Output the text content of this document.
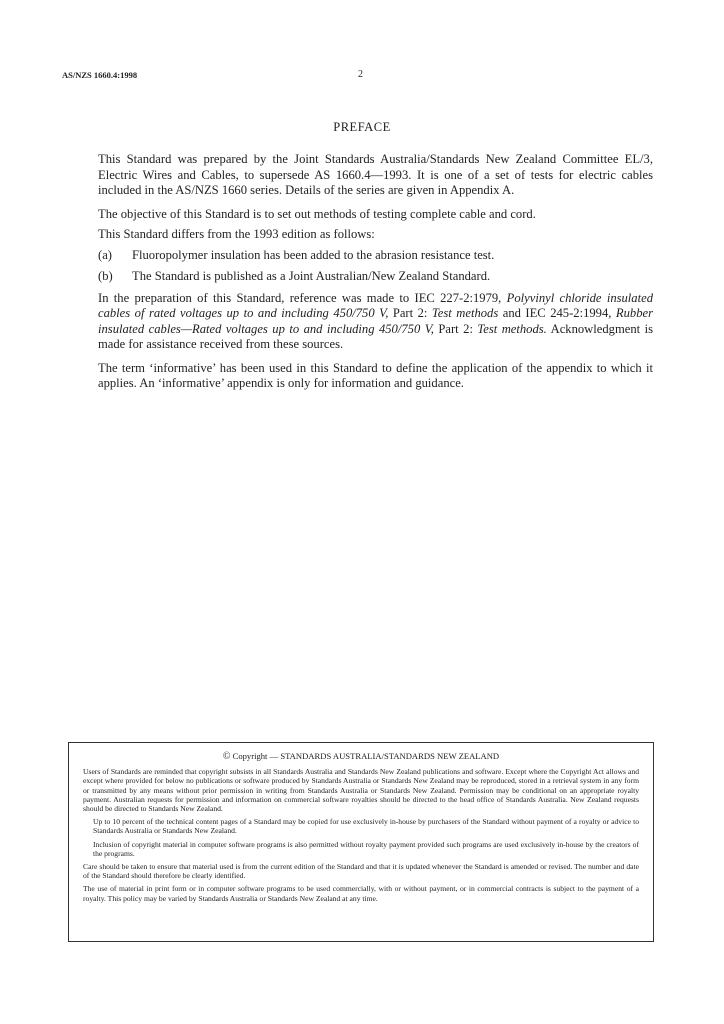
AS/NZS 1660.4:1998	2
PREFACE

This Standard was prepared by the Joint Standards Australia/Standards New Zealand Committee EL/3, Electric Wires and Cables, to supersede AS 1660.4—1993. It is one of a set of tests for electric cables included in the AS/NZS 1660 series. Details of the series are given in Appendix A.

The objective of this Standard is to set out methods of testing complete cable and cord.

This Standard differs from the 1993 edition as follows:

(a)	Fluoropolymer insulation has been added to the abrasion resistance test.
(b)	The Standard is published as a Joint Australian/New Zealand Standard.

In the preparation of this Standard, reference was made to IEC 227-2:1979, Polyvinyl chloride insulated cables of rated voltages up to and including 450/750 V, Part 2: Test methods and IEC 245-2:1994, Rubber insulated cables—Rated voltages up to and including 450/750 V, Part 2: Test methods. Acknowledgment is made for assistance received from these sources.

The term ‘informative’ has been used in this Standard to define the application of the appendix to which it applies. An ‘informative’ appendix is only for information and guidance.

© Copyright — STANDARDS AUSTRALIA/STANDARDS NEW ZEALAND

Users of Standards are reminded that copyright subsists in all Standards Australia and Standards New Zealand publications and software. Except where the Copyright Act allows and except where provided for below no publications or software produced by Standards Australia or Standards New Zealand may be reproduced, stored in a retrieval system in any form or transmitted by any means without prior permission in writing from Standards Australia or Standards New Zealand. Permission may be conditional on an appropriate royalty payment. Australian requests for permission and information on commercial software royalties should be directed to the head office of Standards Australia. New Zealand requests should be directed to Standards New Zealand.

Up to 10 percent of the technical content pages of a Standard may be copied for use exclusively in-house by purchasers of the Standard without payment of a royalty or advice to Standards Australia or Standards New Zealand.

Inclusion of copyright material in computer software programs is also permitted without royalty payment provided such programs are used exclusively in-house by the creators of the programs.

Care should be taken to ensure that material used is from the current edition of the Standard and that it is updated whenever the Standard is amended or revised. The number and date of the Standard should therefore be clearly identified.

The use of material in print form or in computer software programs to be used commercially, with or without payment, or in commercial contracts is subject to the payment of a royalty. This policy may be varied by Standards Australia or Standards New Zealand at any time.
